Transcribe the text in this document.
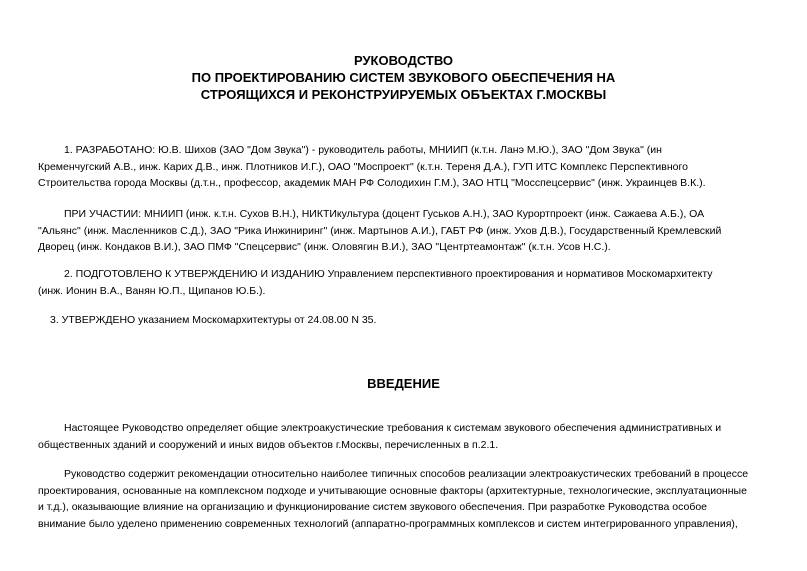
РУКОВОДСТВО
ПО ПРОЕКТИРОВАНИЮ СИСТЕМ ЗВУКОВОГО ОБЕСПЕЧЕНИЯ НА
СТРОЯЩИХСЯ И РЕКОНСТРУИРУЕМЫХ ОБЪЕКТАХ Г.МОСКВЫ
1. РАЗРАБОТАНО: Ю.В. Шихов (ЗАО "Дом Звука") - руководитель работы, МНИИП (к.т.н. Ланэ М.Ю.), ЗАО "Дом Звука" (ин
Кременчугский А.В., инж. Карих Д.В., инж. Плотников И.Г.), ОАО "Моспроект" (к.т.н. Тереня Д.А.), ГУП ИТС Комплекс Перспективного
Строительства города Москвы (д.т.н., профессор, академик МАН РФ Солодихин Г.М.), ЗАО НТЦ "Мосспецсервис" (инж. Украинцев В.К.).
ПРИ УЧАСТИИ: МНИИП (инж. к.т.н. Сухов В.Н.), НИКТИкультура (доцент Гуськов А.Н.), ЗАО Курортпроект (инж. Сажаева А.Б.), ОА
"Альянс" (инж. Масленников С.Д.), ЗАО "Рика Инжиниринг" (инж. Мартынов А.И.), ГАБТ РФ (инж. Ухов Д.В.), Государственный Кремлевский
Дворец (инж. Кондаков В.И.), ЗАО ПМФ "Спецсервис" (инж. Оловягин В.И.), ЗАО "Центртеамонтаж" (к.т.н. Усов Н.С.).
2. ПОДГОТОВЛЕНО К УТВЕРЖДЕНИЮ И ИЗДАНИЮ Управлением перспективного проектирования и нормативов Москомархитекту
(инж. Ионин В.А., Ванян Ю.П., Щипанов Ю.Б.).
3. УТВЕРЖДЕНО указанием Москомархитектуры от 24.08.00 N 35.
ВВЕДЕНИЕ
Настоящее Руководство определяет общие электроакустические требования к системам звукового обеспечения административных и
общественных зданий и сооружений и иных видов объектов г.Москвы, перечисленных в п.2.1.
Руководство содержит рекомендации относительно наиболее типичных способов реализации электроакустических требований в процессе
проектирования, основанные на комплексном подходе и учитывающие основные факторы (архитектурные, технологические, эксплуатационные
и т.д.), оказывающие влияние на организацию и функционирование систем звукового обеспечения. При разработке Руководства особое
внимание было уделено применению современных технологий (аппаратно-программных комплексов и систем интегрированного управления),
